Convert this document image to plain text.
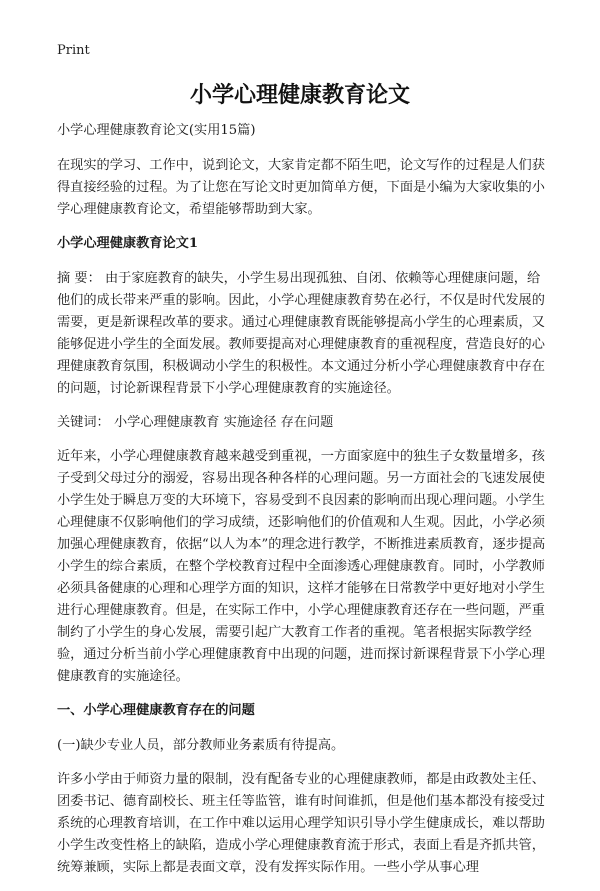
Print
小学心理健康教育论文

小学心理健康教育论文(实用15篇)

在现实的学习、工作中，说到论文，大家肯定都不陌生吧，论文写作的过程是人们获得直接经验的过程。为了让您在写论文时更加简单方便，下面是小编为大家收集的小学心理健康教育论文，希望能够帮助到大家。

小学心理健康教育论文1

摘 要： 由于家庭教育的缺失，小学生易出现孤独、自闭、依赖等心理健康问题，给他们的成长带来严重的影响。因此，小学心理健康教育势在必行，不仅是时代发展的需要，更是新课程改革的要求。通过心理健康教育既能够提高小学生的心理素质，又能够促进小学生的全面发展。教师要提高对心理健康教育的重视程度，营造良好的心理健康教育氛围，积极调动小学生的积极性。本文通过分析小学心理健康教育中存在的问题，讨论新课程背景下小学心理健康教育的实施途径。

关键词： 小学心理健康教育 实施途径 存在问题

近年来，小学心理健康教育越来越受到重视，一方面家庭中的独生子女数量增多，孩子受到父母过分的溺爱，容易出现各种各样的心理问题。另一方面社会的飞速发展使小学生处于瞬息万变的大环境下，容易受到不良因素的影响而出现心理问题。小学生心理健康不仅影响他们的学习成绩，还影响他们的价值观和人生观。因此，小学必须加强心理健康教育，依据“以人为本”的理念进行教学，不断推进素质教育，逐步提高小学生的综合素质，在整个学校教育过程中全面渗透心理健康教育。同时，小学教师必须具备健康的心理和心理学方面的知识，这样才能够在日常教学中更好地对小学生进行心理健康教育。但是，在实际工作中，小学心理健康教育还存在一些问题，严重制约了小学生的身心发展，需要引起广大教育工作者的重视。笔者根据实际教学经验，通过分析当前小学心理健康教育中出现的问题，进而探讨新课程背景下小学心理健康教育的实施途径。

一、小学心理健康教育存在的问题

(一)缺少专业人员，部分教师业务素质有待提高。

许多小学由于师资力量的限制，没有配备专业的心理健康教师，都是由政教处主任、团委书记、德育副校长、班主任等监管，谁有时间谁抓，但是他们基本都没有接受过系统的心理教育培训，在工作中难以运用心理学知识引导小学生健康成长，难以帮助小学生改变性格上的缺陷，造成小学心理健康教育流于形式，表面上看是齐抓共管，统筹兼顾，实际上都是表面文章，没有发挥实际作用。一些小学从事心理
